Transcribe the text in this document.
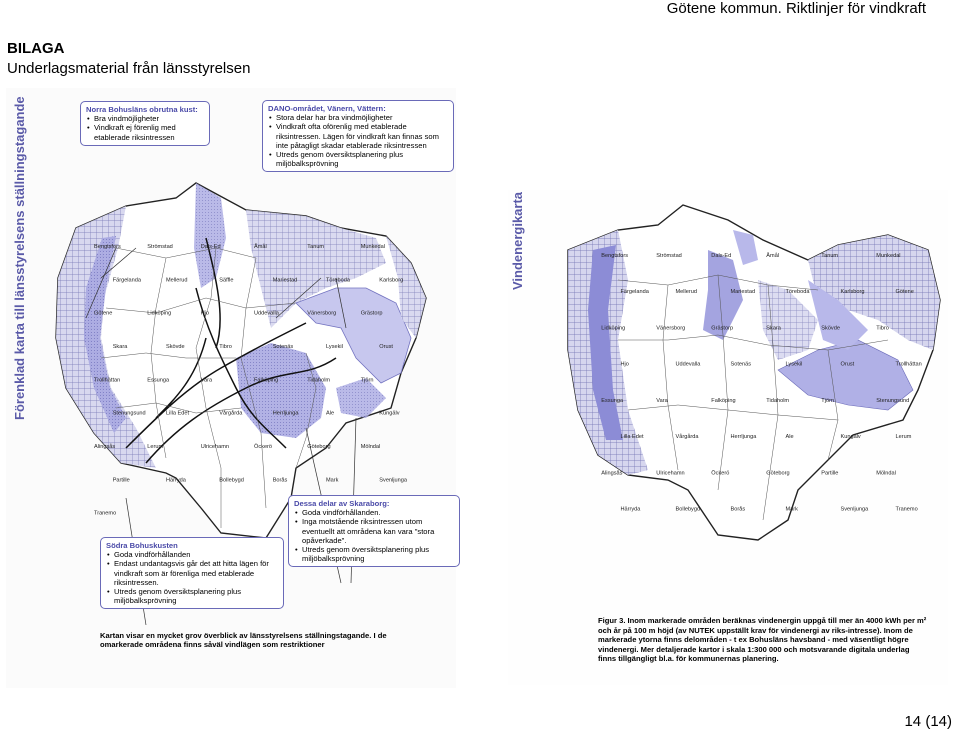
Götene kommun. Riktlinjer för vindkraft
BILAGA
Underlagsmaterial från länsstyrelsen
Bengtsfors	Strömstad	Dals-Ed	Åmål	Tanum	Munkedal
Färgelanda	Mellerud	Säffle	Mariestad	Töreboda	Karlsborg
Götene	Lidköping	Hjo	Uddevalla	Vänersborg	Grästorp
Skara	Skövde	Tibro	Sotenäs	Lysekil	Orust
Trollhättan	Essunga	Vara	Falköping	Tidaholm	Tjörn
Stenungsund	Lilla Edet	Vårgårda	Herrljunga	Ale	Kungälv
Alingsås	Lerum	Ulricehamn	Öckerö	Göteborg	Mölndal
Partille	Härryda	Bollebygd	Borås	Mark	Svenljunga
Tranemo
Förenklad karta till länsstyrelsens ställningstagande	Norra Bohusläns obrutna kust:
• Bra vindmöjligheter
• Vindkraft ej förenlig med etablerade riksintressen
DANO-området, Vänern, Vättern:
• Stora delar har bra vindmöjligheter
• Vindkraft ofta oförenlig med etablerade riksintressen. Lägen för vindkraft kan finnas som inte påtagligt skadar etablerade riksintressen
• Utreds genom översiktsplanering plus miljöbalksprövning
Dessa delar av Skaraborg:
• Goda vindförhållanden.
• Inga motstående riksintressen utom eventuellt att områdena kan vara "stora opåverkade".
• Utreds genom översiktsplanering plus miljöbalksprövning
Södra Bohuskusten
• Goda vindförhållanden
• Endast undantagsvis går det att hitta lägen för vindkraft som är förenliga med etablerade riksintressen.
• Utreds genom översiktsplanering plus miljöbalksprövning
Kartan visar en mycket grov överblick av länsstyrelsens ställningstagande. I de omarkerade områdena finns såväl vindlägen som restriktioner
Bengtsfors	Strömstad	Dals-Ed	Åmål	Tanum	Munkedal
Färgelanda	Mellerud	Mariestad	Töreboda	Karlsborg	Götene
Lidköping	Vänersborg	Grästorp	Skara	Skövde	Tibro
Hjo	Uddevalla	Sotenäs	Lysekil	Orust	Trollhättan
Essunga	Vara	Falköping	Tidaholm	Tjörn	Stenungsund
Lilla Edet	Vårgårda	Herrljunga	Ale	Kungälv	Lerum
Alingsås	Ulricehamn	Öckerö	Göteborg	Partille	Mölndal
Härryda	Bollebygd	Borås	Mark	Svenljunga	Tranemo
Vindenergikarta
Figur 3. Inom markerade områden beräknas vindenergin uppgå till mer än 4000 kWh per m² och år på 100 m höjd (av NUTEK uppställt krav för vindenergi av riks-intresse). Inom de markerade ytorna finns delområden - t ex Bohusläns havsband - med väsentligt högre vindenergi. Mer detaljerade kartor i skala 1:300 000 och motsvarande digitala underlag finns tillgängligt bl.a. för kommunernas planering.
14 (14)
